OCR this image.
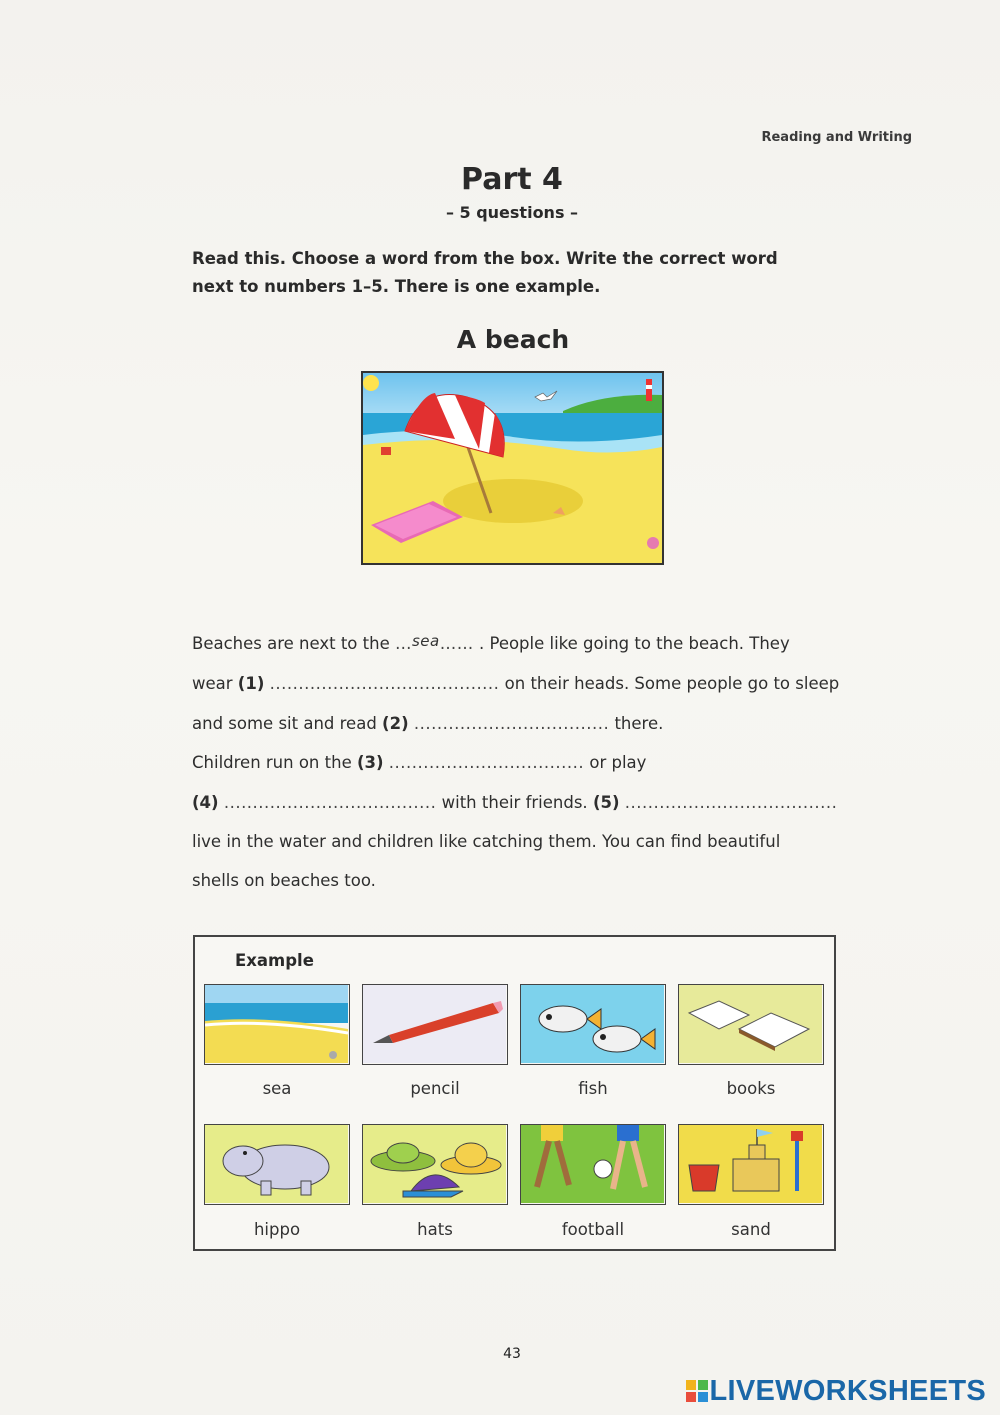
Reading and Writing
Part 4
– 5 questions –
Read this. Choose a word from the box. Write the correct word
next to numbers 1–5. There is one example.
A beach
Beaches are next to the …sea…… . People like going to the beach. They
wear (1) ........................................ on their heads. Some people go to sleep
and some sit and read (2) .................................. there.
Children run on the (3) .................................. or play
(4) ..................................... with their friends. (5) .....................................
live in the water and children like catching them. You can find beautiful
shells on beaches too.
Example
sea	pencil	fish	books
hippo	hats	football	sand
43
LIVEWORKSHEETS
